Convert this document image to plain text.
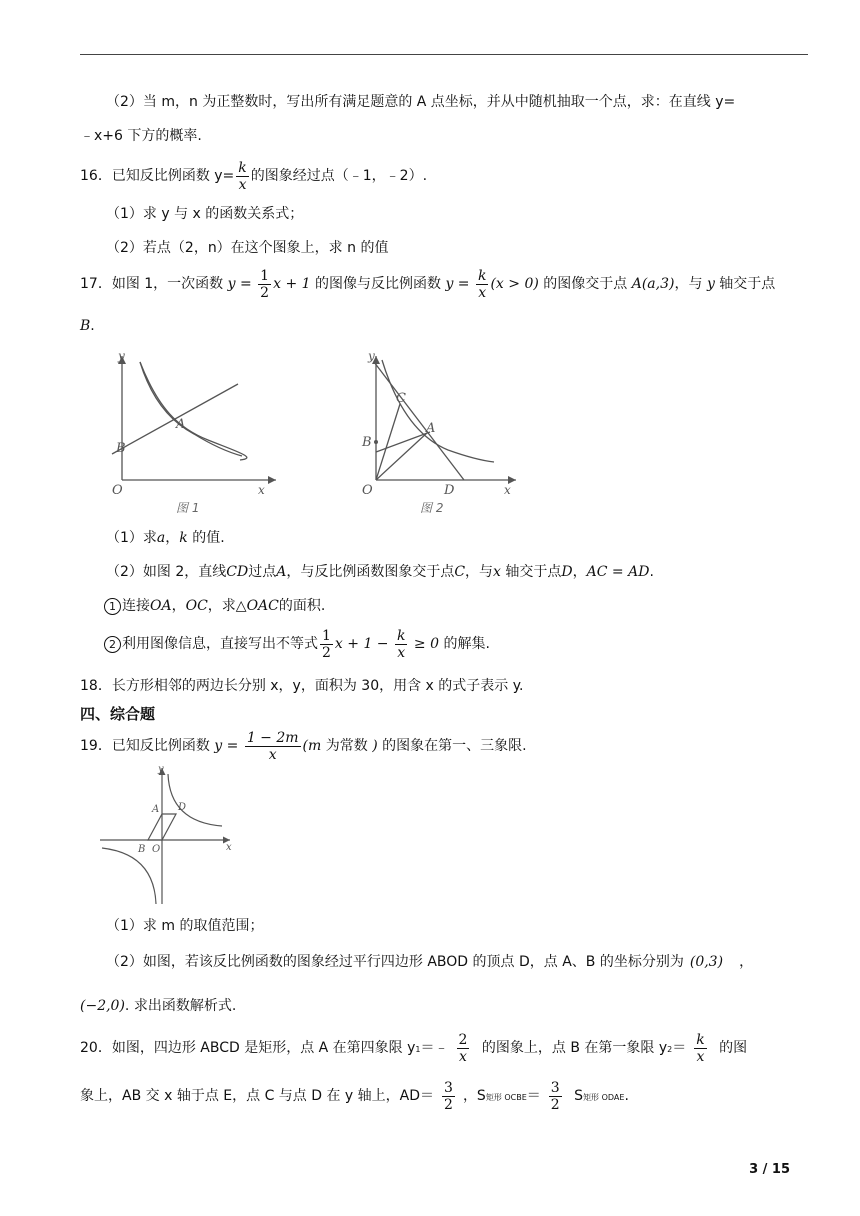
（2）当 m，n 为正整数时，写出所有满足题意的 A 点坐标，并从中随机抽取一个点，求：在直线 y=
﹣x+6 下方的概率.
16．已知反比例函数 $y= \frac{k}{x}$ 的图象经过点（﹣1，﹣2）.
（1）求 y 与 x 的函数关系式；
（2）若点（2，n）在这个图象上，求 n 的值
17．如图 1，一次函数 $y = \frac{1}{2}$ x + 1 的图像与反比例函数 $y = \frac{k}{x} (x > 0)$ 的图像交于点 A(a,3)，与 y 轴交于点
B.
y
x
O
A
B
图 1
y
x
O
A
B
C
D
图 2
（1）求a，k 的值.
（2）如图 2，直线CD过点A，与反比例函数图象交于点C，与x 轴交于点D，AC = AD.
1 连接OA，OC，求△OAC的面积.
2 利用图像信息，直接写出不等式 $\frac{1}{2}$ $x + 1 - \frac{k}{x} \ge 0$ 的解集.
18．长方形相邻的两边长分别 x，y，面积为 30，用含 x 的式子表示 y.
四、综合题
19．已知反比例函数 $y = \frac{1 - 2m}{x} (m$ 为常数 ) 的图象在第一、三象限.
y
x
A D
B O
（1）求 m 的取值范围；
（2）如图，若该反比例函数的图象经过平行四边形 ABOD 的顶点 D，点 A、B 的坐标分别为 (0,3) ，
(−2,0). 求出函数解析式.
20．如图，四边形 ABCD 是矩形，点 A 在第四象限 y1＝﹣ $\frac{2}{x}$ 的图象上，点 B 在第一象限 $y2= \frac{k}{x}$ 的图
象上，AB 交 x 轴于点 E，点 C 与点 D 在 y 轴上，$AD= \frac{3}{2}$ ，S矩形 OCBE＝ $\frac{3}{2}$ S矩形 ODAE.
3 / 15
